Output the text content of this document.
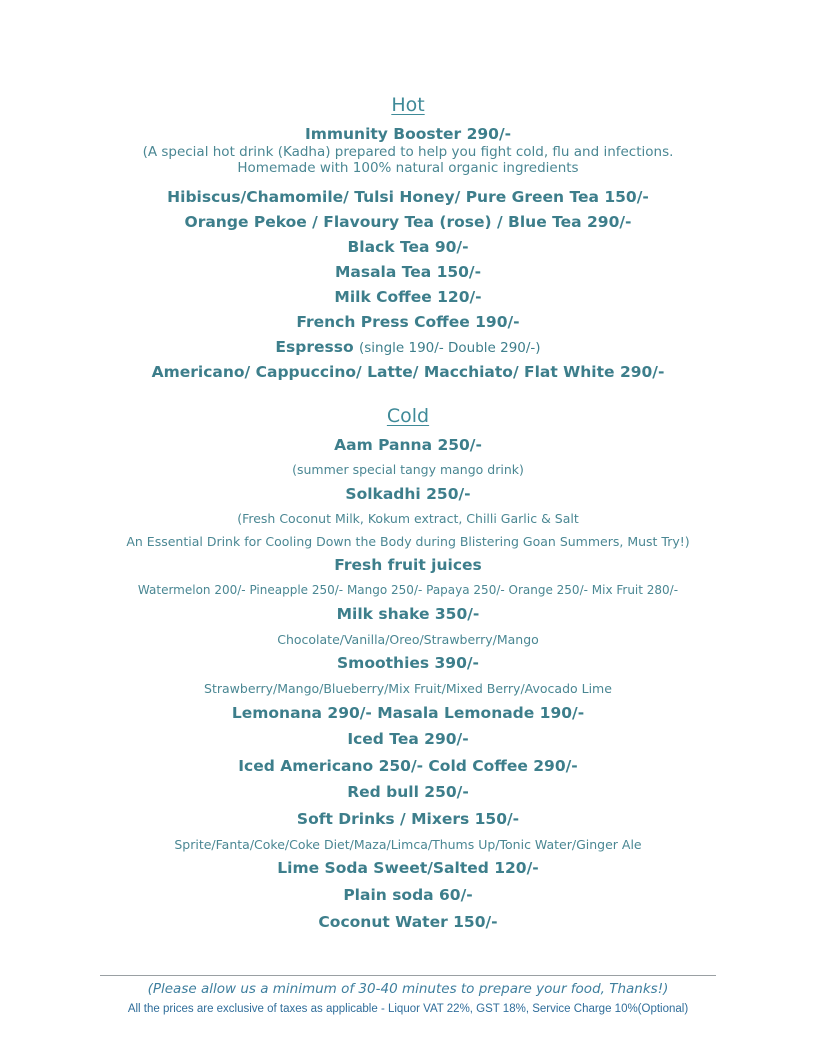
Hot
Immunity Booster 290/-
(A special hot drink (Kadha) prepared to help you fight cold, flu and infections.
Homemade with 100% natural organic ingredients
Hibiscus/Chamomile/ Tulsi Honey/ Pure Green Tea 150/-
Orange Pekoe / Flavoury Tea (rose) / Blue Tea 290/-
Black Tea 90/-
Masala Tea 150/-
Milk Coffee 120/-
French Press Coffee 190/-
Espresso (single 190/- Double 290/-)
Americano/ Cappuccino/ Latte/ Macchiato/ Flat White 290/-
Cold
Aam Panna 250/-
(summer special tangy mango drink)
Solkadhi 250/-
(Fresh Coconut Milk, Kokum extract, Chilli Garlic & Salt
An Essential Drink for Cooling Down the Body during Blistering Goan Summers, Must Try!)
Fresh fruit juices
Watermelon 200/- Pineapple 250/- Mango 250/- Papaya 250/- Orange 250/- Mix Fruit 280/-
Milk shake 350/-
Chocolate/Vanilla/Oreo/Strawberry/Mango
Smoothies 390/-
Strawberry/Mango/Blueberry/Mix Fruit/Mixed Berry/Avocado Lime
Lemonana 290/- Masala Lemonade 190/-
Iced Tea 290/-
Iced Americano 250/- Cold Coffee 290/-
Red bull 250/-
Soft Drinks / Mixers 150/-
Sprite/Fanta/Coke/Coke Diet/Maza/Limca/Thums Up/Tonic Water/Ginger Ale
Lime Soda Sweet/Salted 120/-
Plain soda 60/-
Coconut Water 150/-
(Please allow us a minimum of 30-40 minutes to prepare your food, Thanks!)
All the prices are exclusive of taxes as applicable - Liquor VAT 22%, GST 18%, Service Charge 10%(Optional)
